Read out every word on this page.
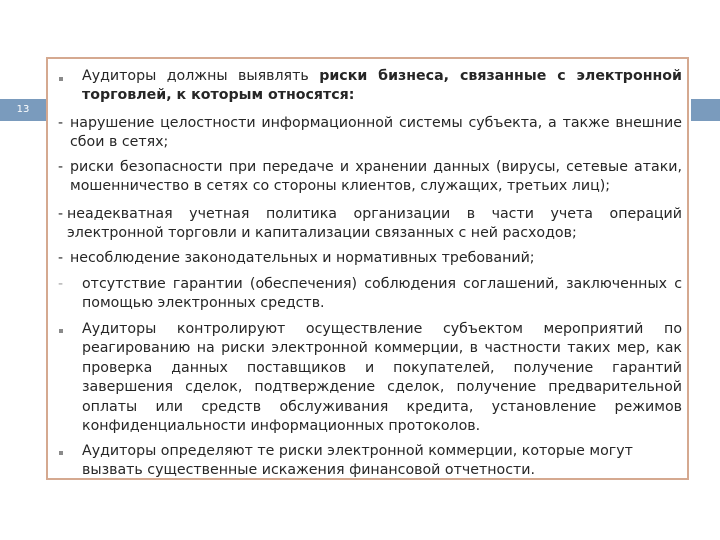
13
Аудиторы должны выявлять риски бизнеса, связанные с электронной торговлей, к которым относятся:
- нарушение целостности информационной системы субъекта, а также внешние сбои в сетях;
- риски безопасности при передаче и хранении данных (вирусы, сетевые атаки, мошенничество в сетях со стороны клиентов, служащих, третьих лиц);
- неадекватная учетная политика организации в части учета операций электронной торговли и капитализации связанных с ней расходов;
- несоблюдение законодательных и нормативных требований;
- отсутствие гарантии (обеспечения) соблюдения соглашений, заключенных с помощью электронных средств.
Аудиторы контролируют осуществление субъектом мероприятий по реагированию на риски электронной коммерции, в частности таких мер, как проверка данных поставщиков и покупателей, получение гарантий завершения сделок, подтверждение сделок, получение предварительной оплаты или средств обслуживания кредита, установление режимов конфиденциальности информационных протоколов.
Аудиторы определяют те риски электронной коммерции, которые могут вызвать существенные искажения финансовой отчетности.
